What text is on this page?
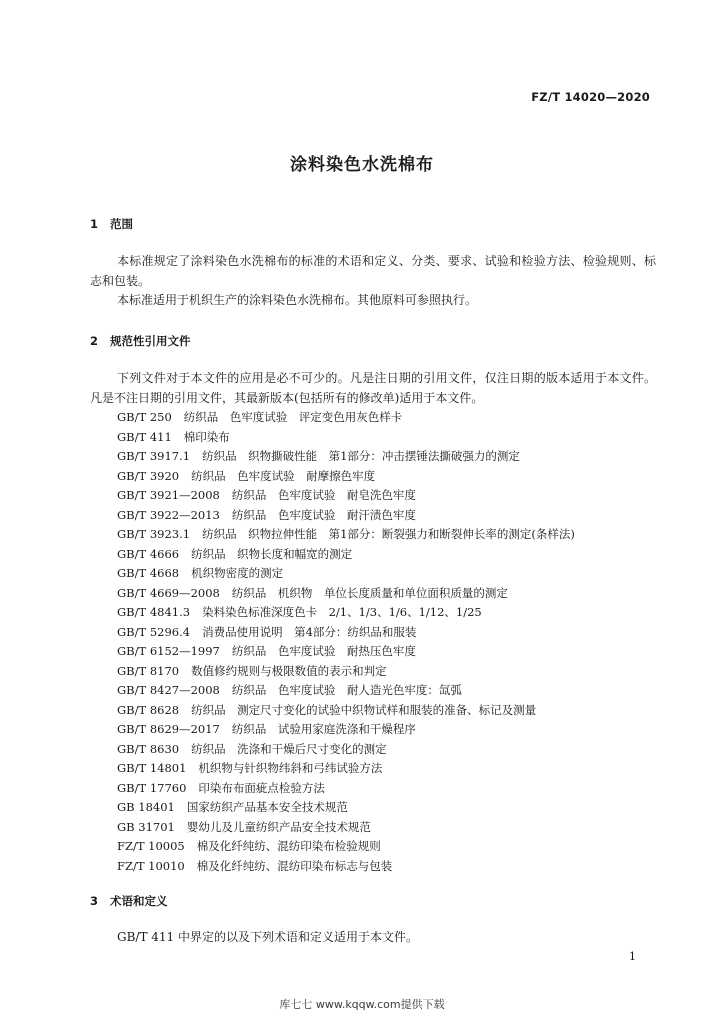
FZ/T 14020—2020
涂料染色水洗棉布
1 范围

本标准规定了涂料染色水洗棉布的标准的术语和定义、分类、要求、试验和检验方法、检验规则、标志和包装。

本标准适用于机织生产的涂料染色水洗棉布。其他原料可参照执行。

2 规范性引用文件

下列文件对于本文件的应用是必不可少的。凡是注日期的引用文件，仅注日期的版本适用于本文件。凡是不注日期的引用文件，其最新版本(包括所有的修改单)适用于本文件。

GB/T 250 纺织品　色牢度试验　评定变色用灰色样卡
GB/T 411 棉印染布
GB/T 3917.1 纺织品　织物撕破性能　第1部分：冲击摆锤法撕破强力的测定
GB/T 3920 纺织品　色牢度试验　耐摩擦色牢度
GB/T 3921—2008 纺织品　色牢度试验　耐皂洗色牢度
GB/T 3922—2013 纺织品　色牢度试验　耐汗渍色牢度
GB/T 3923.1 纺织品　织物拉伸性能　第1部分：断裂强力和断裂伸长率的测定(条样法)
GB/T 4666 纺织品　织物长度和幅宽的测定
GB/T 4668 机织物密度的测定
GB/T 4669—2008 纺织品　机织物　单位长度质量和单位面积质量的测定
GB/T 4841.3 染料染色标准深度色卡　2/1、1/3、1/6、1/12、1/25
GB/T 5296.4 消费品使用说明　第4部分：纺织品和服装
GB/T 6152—1997 纺织品　色牢度试验　耐热压色牢度
GB/T 8170 数值修约规则与极限数值的表示和判定
GB/T 8427—2008 纺织品　色牢度试验　耐人造光色牢度：氙弧
GB/T 8628 纺织品　测定尺寸变化的试验中织物试样和服装的准备、标记及测量
GB/T 8629—2017 纺织品　试验用家庭洗涤和干燥程序
GB/T 8630 纺织品　洗涤和干燥后尺寸变化的测定
GB/T 14801 机织物与针织物纬斜和弓纬试验方法
GB/T 17760 印染布布面疵点检验方法
GB 18401 国家纺织产品基本安全技术规范
GB 31701 婴幼儿及儿童纺织产品安全技术规范
FZ/T 10005 棉及化纤纯纺、混纺印染布检验规则
FZ/T 10010 棉及化纤纯纺、混纺印染布标志与包装
3 术语和定义
GB/T 411 中界定的以及下列术语和定义适用于本文件。
1
库七七 www.kqqw.com提供下载
